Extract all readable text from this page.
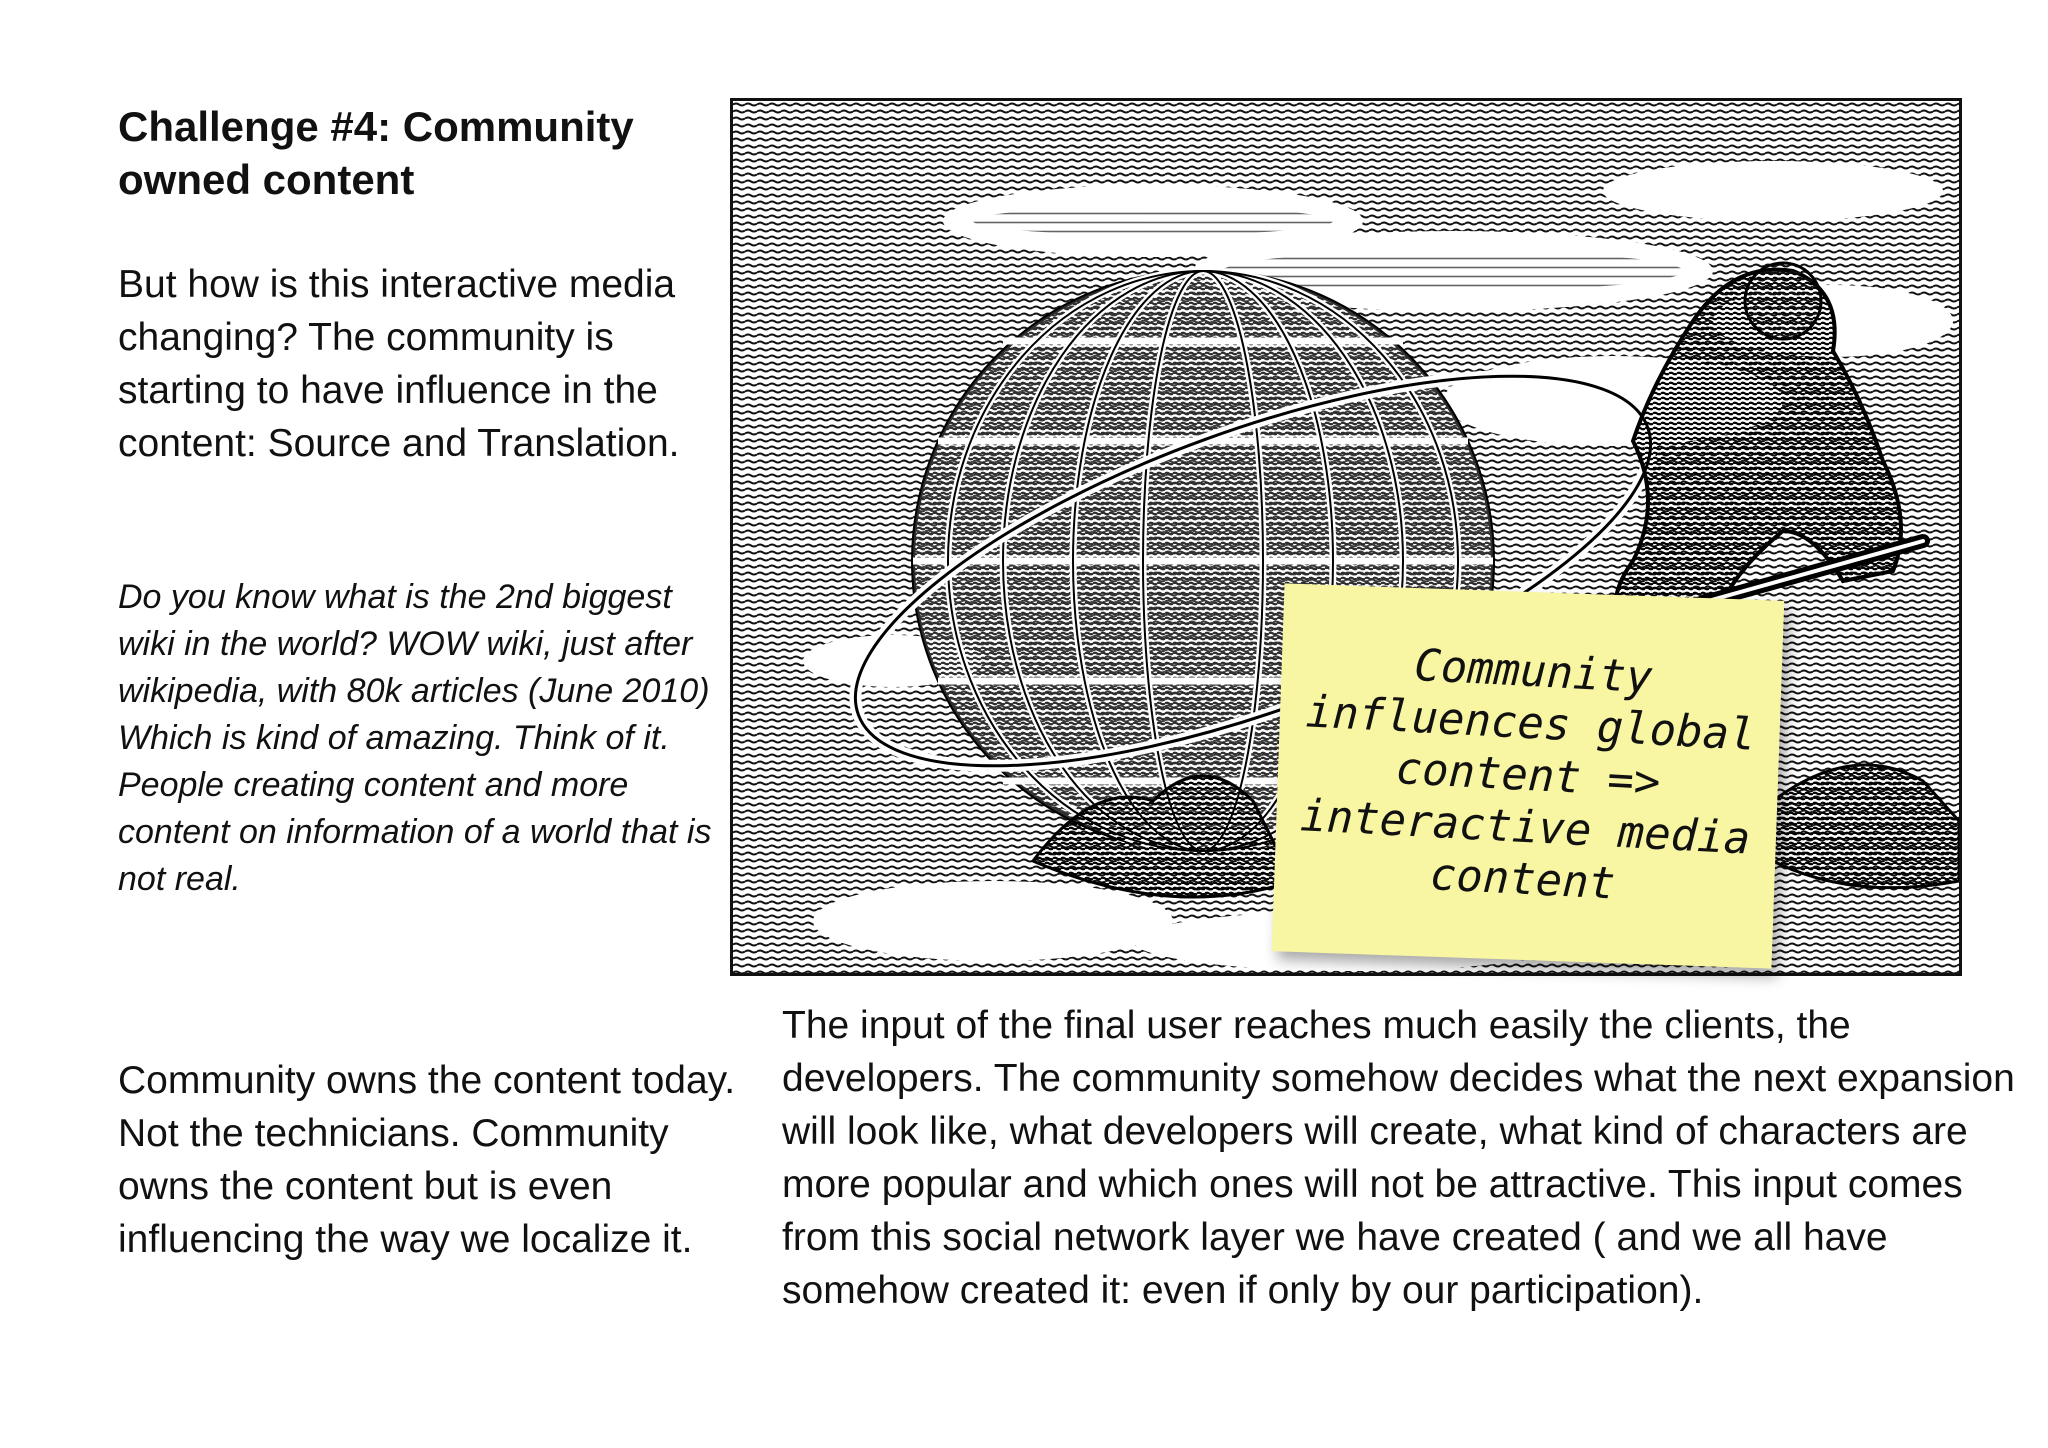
Challenge #4: Community owned content

But how is this interactive media changing? The community is starting to have influence in the content: Source and Translation.

Do you know what is the 2nd biggest wiki in the world? WOW wiki, just after wikipedia, with 80k articles (June 2010) Which is kind of amazing. Think of it. People creating content and more content on information of a world that is not real.

Community owns the content today. Not the technicians. Community owns the content but is even influencing the way we localize it.

Community influences global content => interactive media content

The input of the final user reaches much easily the clients, the developers. The community somehow decides what the next expansion will look like, what developers will create, what kind of characters are more popular and which ones will not be attractive. This input comes from this social network layer we have created ( and we all have somehow created it: even if only by our participation).
